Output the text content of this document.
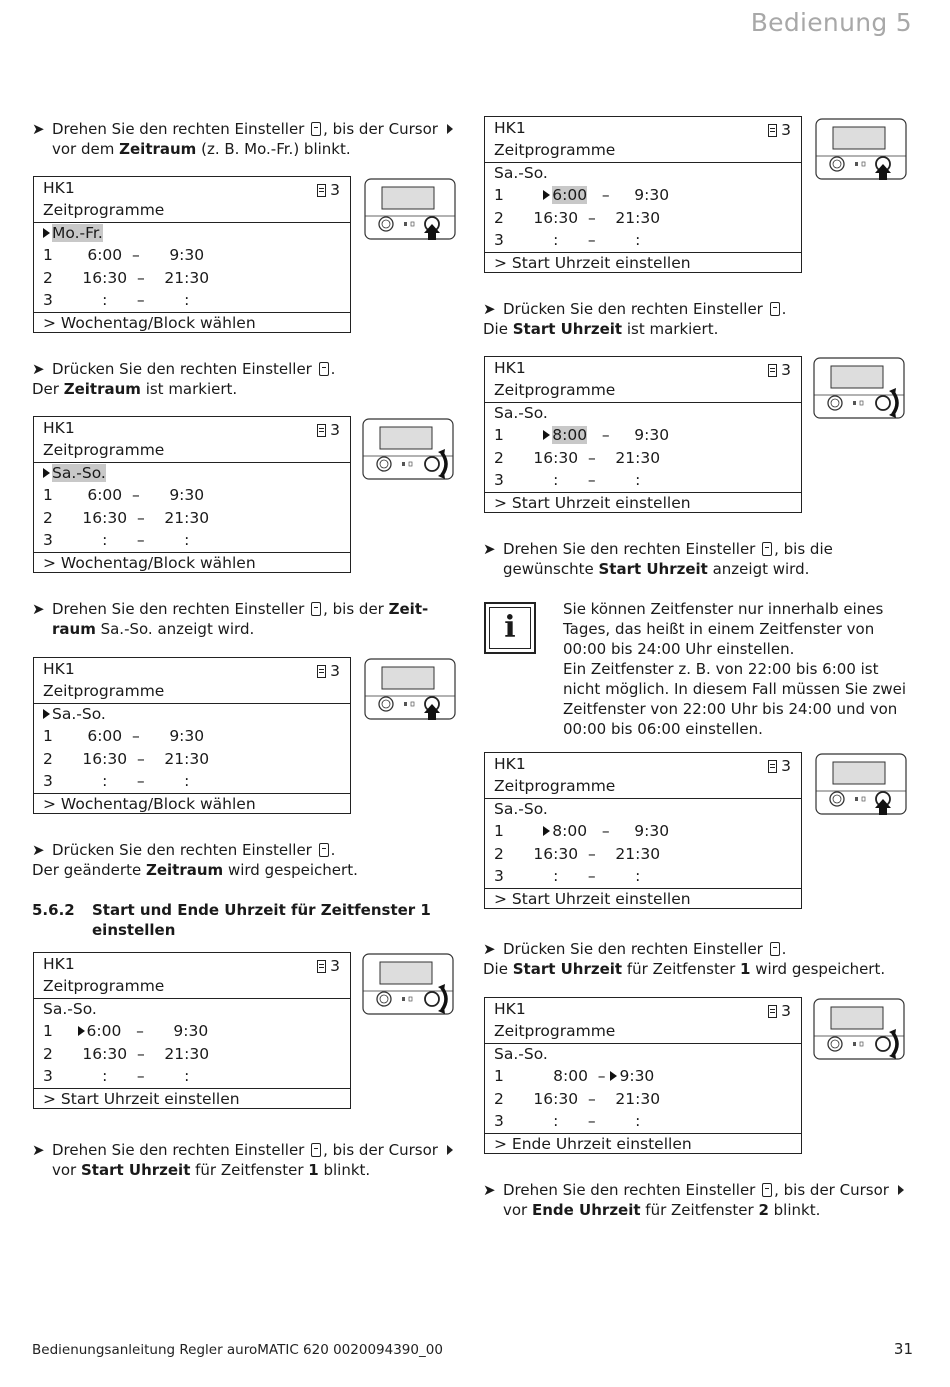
Bedienung 5
➤ Drehen Sie den rechten Einsteller , bis der Cursor
vor dem Zeitraum (z. B. Mo.-Fr.) blinkt.
HK1	3
Zeitprogramme
Mo.-Fr.
1       6:00  –      9:30
2      16:30  –    21:30
3          :      –        :
> Wochentag/Block wählen
➤ Drücken Sie den rechten Einsteller .
Der Zeitraum ist markiert.
HK1	3
Zeitprogramme
Sa.-So.
1       6:00  –      9:30
2      16:30  –    21:30
3          :      –        :
> Wochentag/Block wählen
➤ Drehen Sie den rechten Einsteller , bis der Zeit-
raum Sa.-So. anzeigt wird.
HK1	3
Zeitprogramme
Sa.-So.
1       6:00  –      9:30
2      16:30  –    21:30
3          :      –        :
> Wochentag/Block wählen
➤ Drücken Sie den rechten Einsteller .
Der geänderte Zeitraum wird gespeichert.
5.6.2 Start und Ende Uhrzeit für Zeitfenster 1
einstellen
HK1	3
Zeitprogramme
Sa.-So.
1     6:00   –      9:30
2      16:30  –    21:30
3          :      –        :
> Start Uhrzeit einstellen
➤ Drehen Sie den rechten Einsteller , bis der Cursor
vor Start Uhrzeit für Zeitfenster 1 blinkt.
HK1	3
Zeitprogramme
Sa.-So.
1        6:00   –     9:30
2      16:30  –    21:30
3          :      –        :
> Start Uhrzeit einstellen
➤ Drücken Sie den rechten Einsteller .
Die Start Uhrzeit ist markiert.
HK1	3
Zeitprogramme
Sa.-So.
1        8:00   –     9:30
2      16:30  –    21:30
3          :      –        :
> Start Uhrzeit einstellen
➤ Drehen Sie den rechten Einsteller , bis die
gewünschte Start Uhrzeit anzeigt wird.
i
Sie können Zeitfenster nur innerhalb eines
Tages, das heißt in einem Zeitfenster von
00:00 bis 24:00 Uhr einstellen.
Ein Zeitfenster z. B. von 22:00 bis 6:00 ist
nicht möglich. In diesem Fall müssen Sie zwei
Zeitfenster von 22:00 Uhr bis 24:00 und von
00:00 bis 06:00 einstellen.
HK1	3
Zeitprogramme
Sa.-So.
1        8:00   –     9:30
2      16:30  –    21:30
3          :      –        :
> Start Uhrzeit einstellen
➤ Drücken Sie den rechten Einsteller .
Die Start Uhrzeit für Zeitfenster 1 wird gespeichert.
HK1	3
Zeitprogramme
Sa.-So.
1          8:00  – 9:30
2      16:30  –    21:30
3          :      –        :
> Ende Uhrzeit einstellen
➤ Drehen Sie den rechten Einsteller , bis der Cursor
vor Ende Uhrzeit für Zeitfenster 2 blinkt.
Bedienungsanleitung Regler auroMATIC 620 0020094390_00	31
